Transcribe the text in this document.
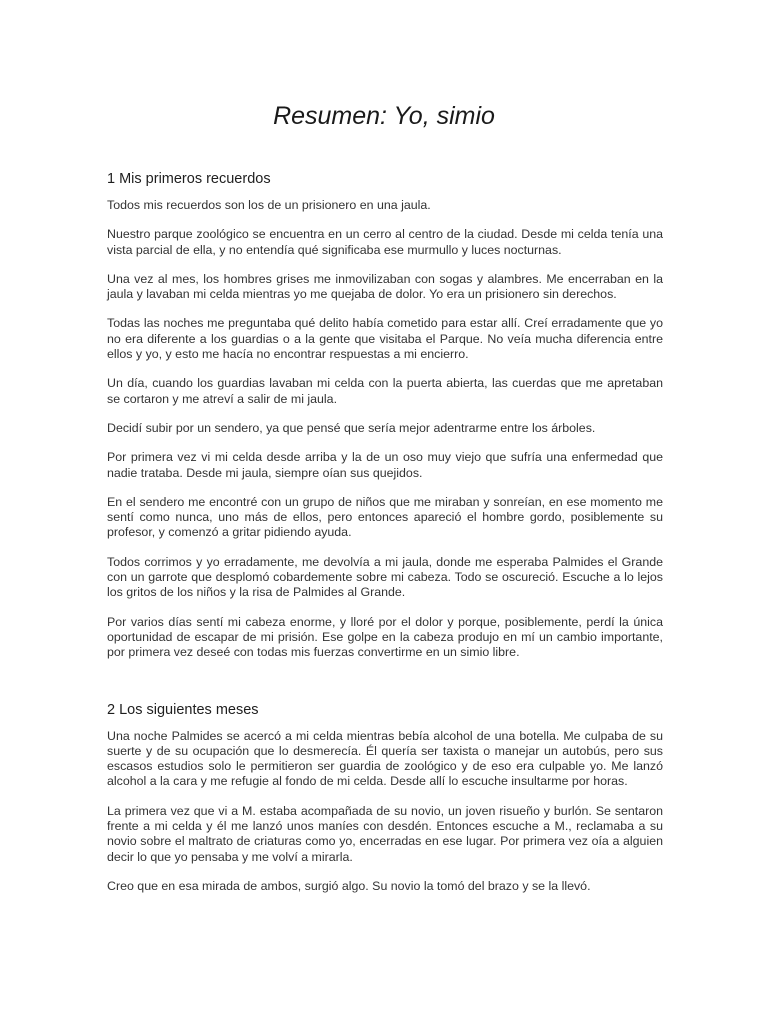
Resumen: Yo, simio
1 Mis primeros recuerdos

Todos mis recuerdos son los de un prisionero en una jaula.

Nuestro parque zoológico se encuentra en un cerro al centro de la ciudad. Desde mi celda tenía una vista parcial de ella, y no entendía qué significaba ese murmullo y luces nocturnas.

Una vez al mes, los hombres grises me inmovilizaban con sogas y alambres. Me encerraban en la jaula y lavaban mi celda mientras yo me quejaba de dolor. Yo era un prisionero sin derechos.

Todas las noches me preguntaba qué delito había cometido para estar allí. Creí erradamente que yo no era diferente a los guardias o a la gente que visitaba el Parque. No veía mucha diferencia entre ellos y yo, y esto me hacía no encontrar respuestas a mi encierro.

Un día, cuando los guardias lavaban mi celda con la puerta abierta, las cuerdas que me apretaban se cortaron y me atreví a salir de mi jaula.

Decidí subir por un sendero, ya que pensé que sería mejor adentrarme entre los árboles.

Por primera vez vi mi celda desde arriba y la de un oso muy viejo que sufría una enfermedad que nadie trataba. Desde mi jaula, siempre oían sus quejidos.

En el sendero me encontré con un grupo de niños que me miraban y sonreían, en ese momento me sentí como nunca, uno más de ellos, pero entonces apareció el hombre gordo, posiblemente su profesor, y comenzó a gritar pidiendo ayuda.

Todos corrimos y yo erradamente, me devolvía a mi jaula, donde me esperaba Palmides el Grande con un garrote que desplomó cobardemente sobre mi cabeza. Todo se oscureció. Escuche a lo lejos los gritos de los niños y la risa de Palmides al Grande.

Por varios días sentí mi cabeza enorme, y lloré por el dolor y porque, posiblemente, perdí la única oportunidad de escapar de mi prisión. Ese golpe en la cabeza produjo en mí un cambio importante, por primera vez deseé con todas mis fuerzas convertirme en un simio libre.

2 Los siguientes meses

Una noche Palmides se acercó a mi celda mientras bebía alcohol de una botella. Me culpaba de su suerte y de su ocupación que lo desmerecía. Él quería ser taxista o manejar un autobús, pero sus escasos estudios solo le permitieron ser guardia de zoológico y de eso era culpable yo. Me lanzó alcohol a la cara y me refugie al fondo de mi celda. Desde allí lo escuche insultarme por horas.

La primera vez que vi a M. estaba acompañada de su novio, un joven risueño y burlón. Se sentaron frente a mi celda y él me lanzó unos maníes con desdén. Entonces escuche a M., reclamaba a su novio sobre el maltrato de criaturas como yo, encerradas en ese lugar. Por primera vez oía a alguien decir lo que yo pensaba y me volví a mirarla.

Creo que en esa mirada de ambos, surgió algo. Su novio la tomó del brazo y se la llevó.
